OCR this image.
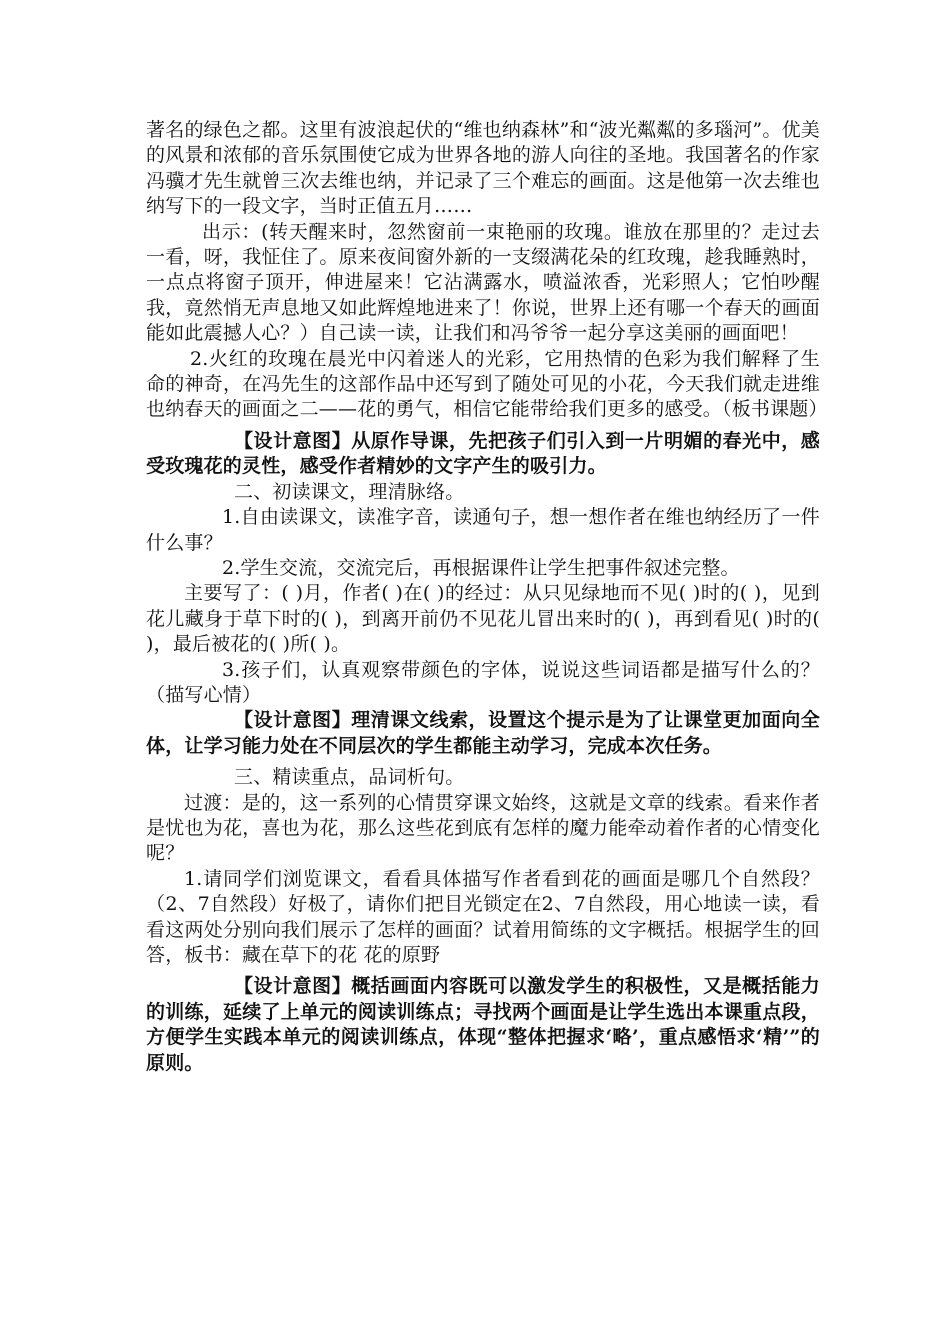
著名的绿色之都。这里有波浪起伏的“维也纳森林”和“波光粼粼的多瑙河”。优美的风景和浓郁的音乐氛围使它成为世界各地的游人向往的圣地。我国著名的作家冯骥才先生就曾三次去维也纳，并记录了三个难忘的画面。这是他第一次去维也纳写下的一段文字，当时正值五月……

出示：(转天醒来时，忽然窗前一束艳丽的玫瑰。谁放在那里的？走过去一看，呀，我怔住了。原来夜间窗外新的一支缀满花朵的红玫瑰，趁我睡熟时，一点点将窗子顶开，伸进屋来！它沾满露水，喷溢浓香，光彩照人；它怕吵醒我，竟然悄无声息地又如此辉煌地进来了！你说，世界上还有哪一个春天的画面能如此震撼人心？）自己读一读，让我们和冯爷爷一起分享这美丽的画面吧！

2.火红的玫瑰在晨光中闪着迷人的光彩，它用热情的色彩为我们解释了生命的神奇，在冯先生的这部作品中还写到了随处可见的小花，今天我们就走进维也纳春天的画面之二——花的勇气，相信它能带给我们更多的感受。（板书课题）

【设计意图】从原作导课，先把孩子们引入到一片明媚的春光中，感受玫瑰花的灵性，感受作者精妙的文字产生的吸引力。

二、初读课文，理清脉络。

1.自由读课文，读准字音，读通句子，想一想作者在维也纳经历了一件什么事？

2.学生交流，交流完后，再根据课件让学生把事件叙述完整。

主要写了：( )月，作者( )在( )的经过：从只见绿地而不见( )时的( )，见到花儿藏身于草下时的( )，到离开前仍不见花儿冒出来时的( )，再到看见( )时的( )，最后被花的( )所( )。

3.孩子们，认真观察带颜色的字体，说说这些词语都是描写什么的？（描写心情）

【设计意图】理清课文线索，设置这个提示是为了让课堂更加面向全体，让学习能力处在不同层次的学生都能主动学习，完成本次任务。

三、精读重点，品词析句。

过渡：是的，这一系列的心情贯穿课文始终，这就是文章的线索。看来作者是忧也为花，喜也为花，那么这些花到底有怎样的魔力能牵动着作者的心情变化呢？

1.请同学们浏览课文，看看具体描写作者看到花的画面是哪几个自然段？（2、7自然段）好极了，请你们把目光锁定在2、7自然段，用心地读一读，看看这两处分别向我们展示了怎样的画面？试着用简练的文字概括。根据学生的回答，板书：藏在草下的花 花的原野

【设计意图】概括画面内容既可以激发学生的积极性，又是概括能力的训练，延续了上单元的阅读训练点；寻找两个画面是让学生选出本课重点段，方便学生实践本单元的阅读训练点，体现“整体把握求‘略’，重点感悟求‘精’”的原则。
